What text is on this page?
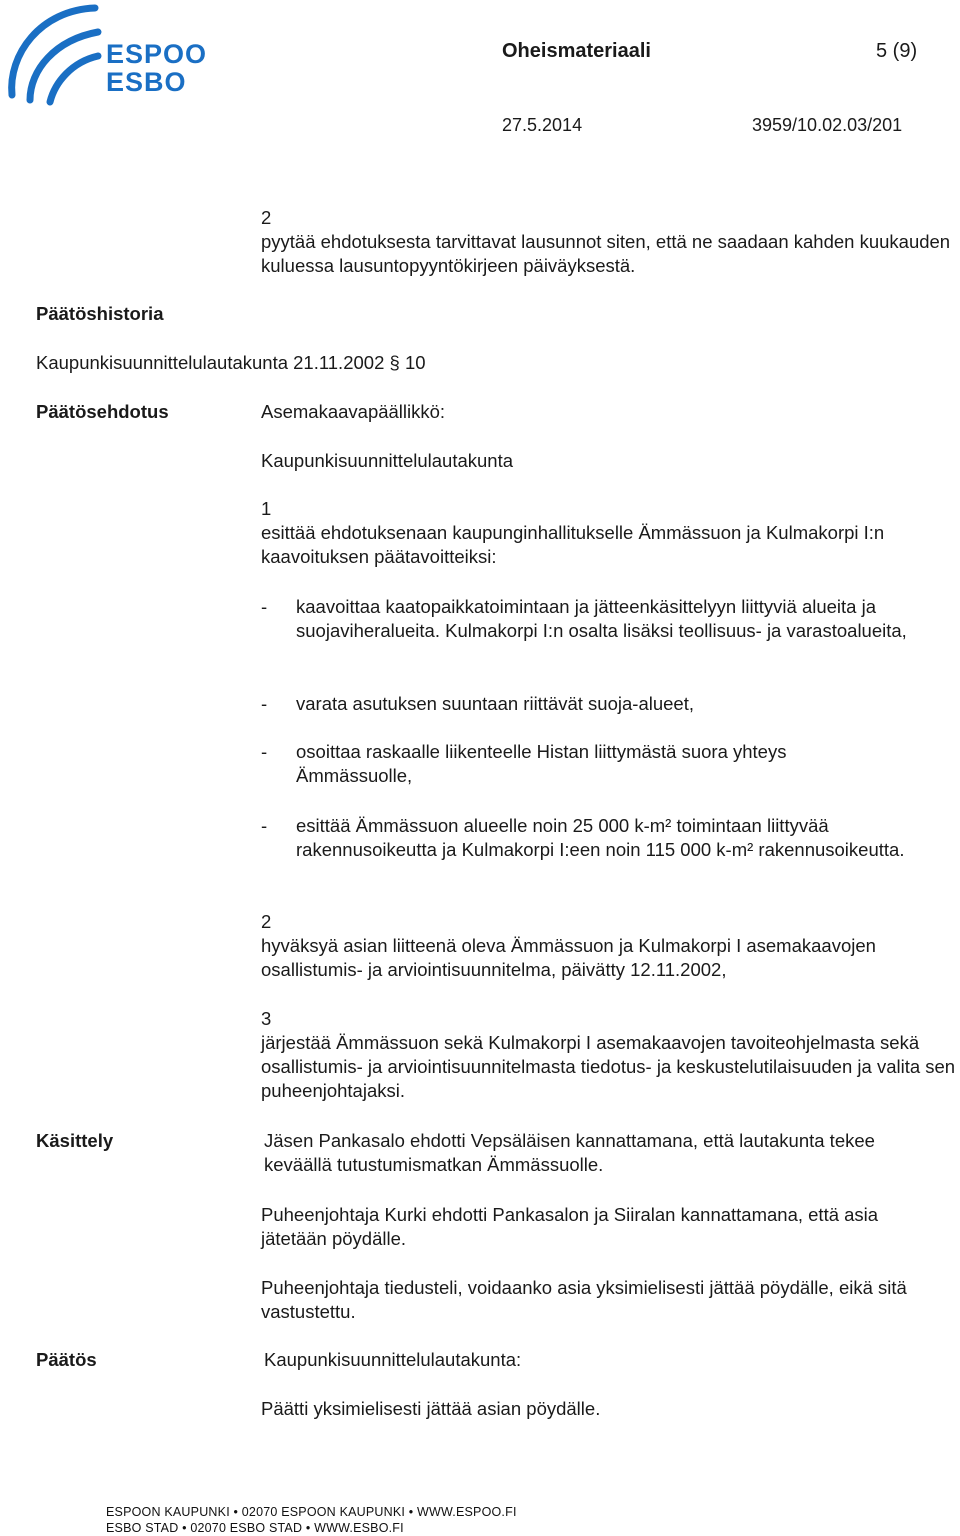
ESPOO
ESBO
Oheismateriaali	5 (9)
27.5.2014	3959/10.02.03/201
2
pyytää ehdotuksesta tarvittavat lausunnot siten, että ne saadaan kahden kuukauden kuluessa lausuntopyyntökirjeen päiväyksestä.
Päätöshistoria
Kaupunkisuunnittelulautakunta 21.11.2002 § 10
Päätösehdotus	Asemakaavapäällikkö:
Kaupunkisuunnittelulautakunta
1
esittää ehdotuksenaan kaupunginhallitukselle Ämmässuon ja Kulmakorpi I:n kaavoituksen päätavoitteiksi:
- kaavoittaa kaatopaikkatoimintaan ja jätteenkäsittelyyn liittyviä alueita ja suojaviheralueita. Kulmakorpi I:n osalta lisäksi teollisuus- ja varastoalueita,
- varata asutuksen suuntaan riittävät suoja-alueet,
- osoittaa raskaalle liikenteelle Histan liittymästä suora yhteys Ämmässuolle,
- esittää Ämmässuon alueelle noin 25 000 k-m² toimintaan liittyvää rakennusoikeutta ja Kulmakorpi I:een noin 115 000 k-m² rakennusoikeutta.
2
hyväksyä asian liitteenä oleva Ämmässuon ja Kulmakorpi I asemakaavojen osallistumis- ja arviointisuunnitelma, päivätty 12.11.2002,
3
järjestää Ämmässuon sekä Kulmakorpi I asemakaavojen tavoiteohjelmasta sekä osallistumis- ja arviointisuunnitelmasta tiedotus- ja keskustelutilaisuuden ja valita sen puheenjohtajaksi.
Käsittely	Jäsen Pankasalo ehdotti Vepsäläisen kannattamana, että lautakunta tekee keväällä tutustumismatkan Ämmässuolle.
Puheenjohtaja Kurki ehdotti Pankasalon ja Siiralan kannattamana, että asia jätetään pöydälle.
Puheenjohtaja tiedusteli, voidaanko asia yksimielisesti jättää pöydälle, eikä sitä vastustettu.
Päätös	Kaupunkisuunnittelulautakunta:
Päätti yksimielisesti jättää asian pöydälle.
ESPOON KAUPUNKI • 02070 ESPOON KAUPUNKI • WWW.ESPOO.FI
ESBO STAD • 02070 ESBO STAD • WWW.ESBO.FI
